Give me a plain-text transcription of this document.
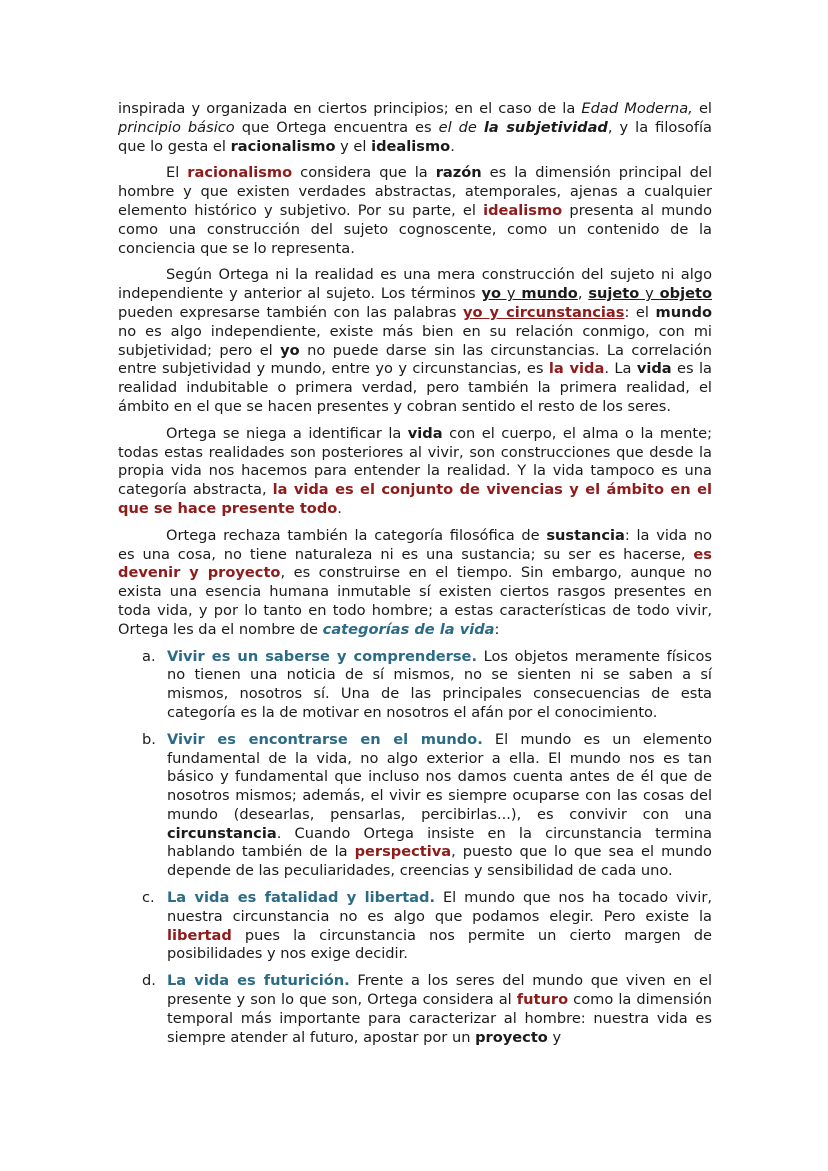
inspirada y organizada en ciertos principios; en el caso de la Edad Moderna, el principio básico que Ortega encuentra es el de la subjetividad, y la filosofía que lo gesta el racionalismo y el idealismo.

El racionalismo considera que la razón es la dimensión principal del hombre y que existen verdades abstractas, atemporales, ajenas a cualquier elemento histórico y subjetivo. Por su parte, el idealismo presenta al mundo como una construcción del sujeto cognoscente, como un contenido de la conciencia que se lo representa.

Según Ortega ni la realidad es una mera construcción del sujeto ni algo independiente y anterior al sujeto. Los términos yo y mundo, sujeto y objeto pueden expresarse también con las palabras yo y circunstancias: el mundo no es algo independiente, existe más bien en su relación conmigo, con mi subjetividad; pero el yo no puede darse sin las circunstancias. La correlación entre subjetividad y mundo, entre yo y circunstancias, es la vida. La vida es la realidad indubitable o primera verdad, pero también la primera realidad, el ámbito en el que se hacen presentes y cobran sentido el resto de los seres.

Ortega se niega a identificar la vida con el cuerpo, el alma o la mente; todas estas realidades son posteriores al vivir, son construcciones que desde la propia vida nos hacemos para entender la realidad. Y la vida tampoco es una categoría abstracta, la vida es el conjunto de vivencias y el ámbito en el que se hace presente todo.

Ortega rechaza también la categoría filosófica de sustancia: la vida no es una cosa, no tiene naturaleza ni es una sustancia; su ser es hacerse, es devenir y proyecto, es construirse en el tiempo. Sin embargo, aunque no exista una esencia humana inmutable sí existen ciertos rasgos presentes en toda vida, y por lo tanto en todo hombre; a estas características de todo vivir, Ortega les da el nombre de categorías de la vida:

a. Vivir es un saberse y comprenderse. Los objetos meramente físicos no tienen una noticia de sí mismos, no se sienten ni se saben a sí mismos, nosotros sí. Una de las principales consecuencias de esta categoría es la de motivar en nosotros el afán por el conocimiento.
b. Vivir es encontrarse en el mundo. El mundo es un elemento fundamental de la vida, no algo exterior a ella. El mundo nos es tan básico y fundamental que incluso nos damos cuenta antes de él que de nosotros mismos; además, el vivir es siempre ocuparse con las cosas del mundo (desearlas, pensarlas, percibirlas...), es convivir con una circunstancia. Cuando Ortega insiste en la circunstancia termina hablando también de la perspectiva, puesto que lo que sea el mundo depende de las peculiaridades, creencias y sensibilidad de cada uno.
c. La vida es fatalidad y libertad. El mundo que nos ha tocado vivir, nuestra circunstancia no es algo que podamos elegir. Pero existe la libertad pues la circunstancia nos permite un cierto margen de posibilidades y nos exige decidir.
d. La vida es futurición. Frente a los seres del mundo que viven en el presente y son lo que son, Ortega considera al futuro como la dimensión temporal más importante para caracterizar al hombre: nuestra vida es siempre atender al futuro, apostar por un proyecto y
